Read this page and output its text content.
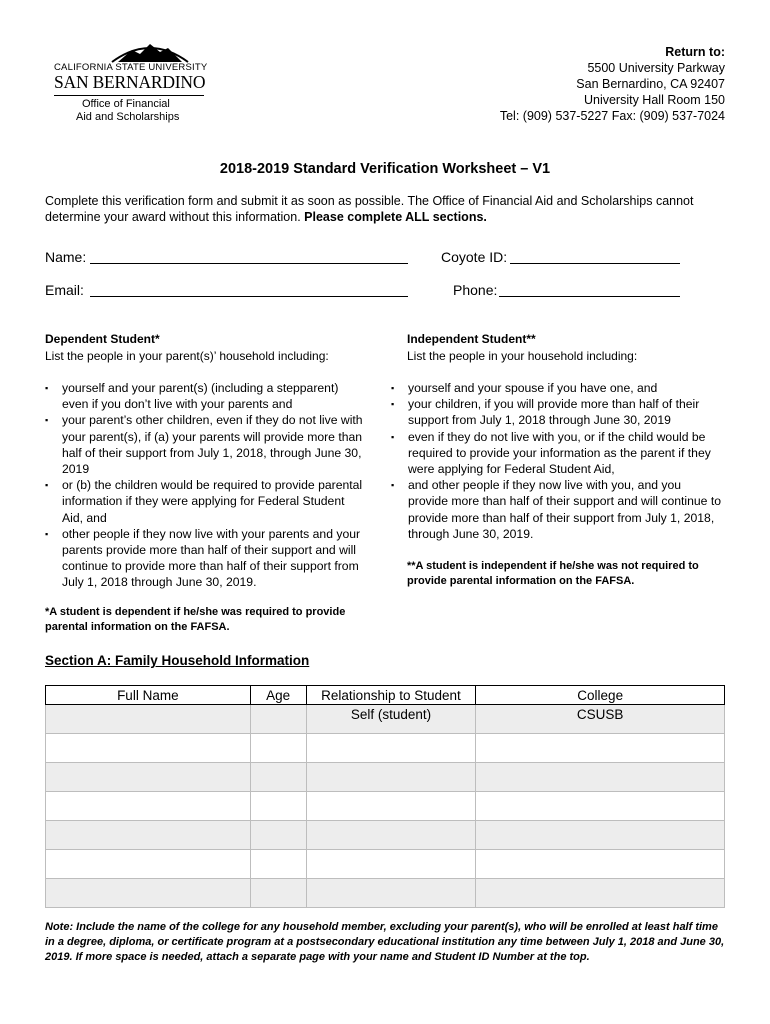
CALIFORNIA STATE UNIVERSITY
SAN BERNARDINO
Office of Financial
Aid and Scholarships
Return to:
5500 University Parkway
San Bernardino, CA 92407
University Hall Room 150
Tel: (909) 537-5227 Fax: (909) 537-7024
2018-2019 Standard Verification Worksheet – V1
Complete this verification form and submit it as soon as possible. The Office of Financial Aid and Scholarships cannot determine your award without this information. Please complete ALL sections.
Name:	Coyote ID:
Email:	Phone:
Dependent Student*
List the people in your parent(s)’ household including:
▪ yourself and your parent(s) (including a stepparent) even if you don’t live with your parents and
▪ your parent’s other children, even if they do not live with your parent(s), if (a) your parents will provide more than half of their support from July 1, 2018, through June 30, 2019
▪ or (b) the children would be required to provide parental information if they were applying for Federal Student Aid, and
▪ other people if they now live with your parents and your parents provide more than half of their support and will continue to provide more than half of their support from July 1, 2018 through June 30, 2019.
*A student is dependent if he/she was required to provide parental information on the FAFSA.
Independent Student**
List the people in your household including:
▪ yourself and your spouse if you have one, and
▪ your children, if you will provide more than half of their support from July 1, 2018 through June 30, 2019
▪ even if they do not live with you, or if the child would be required to provide your information as the parent if they were applying for Federal Student Aid,
▪ and other people if they now live with you, and you provide more than half of their support and will continue to provide more than half of their support from July 1, 2018, through June 30, 2019.
**A student is independent if he/she was not required to provide parental information on the FAFSA.
Section A: Family Household Information
Full Name	Age	Relationship to Student	College
		Self (student)	CSUSB

Note: Include the name of the college for any household member, excluding your parent(s), who will be enrolled at least half time in a degree, diploma, or certificate program at a postsecondary educational institution any time between July 1, 2018 and June 30, 2019. If more space is needed, attach a separate page with your name and Student ID Number at the top.
